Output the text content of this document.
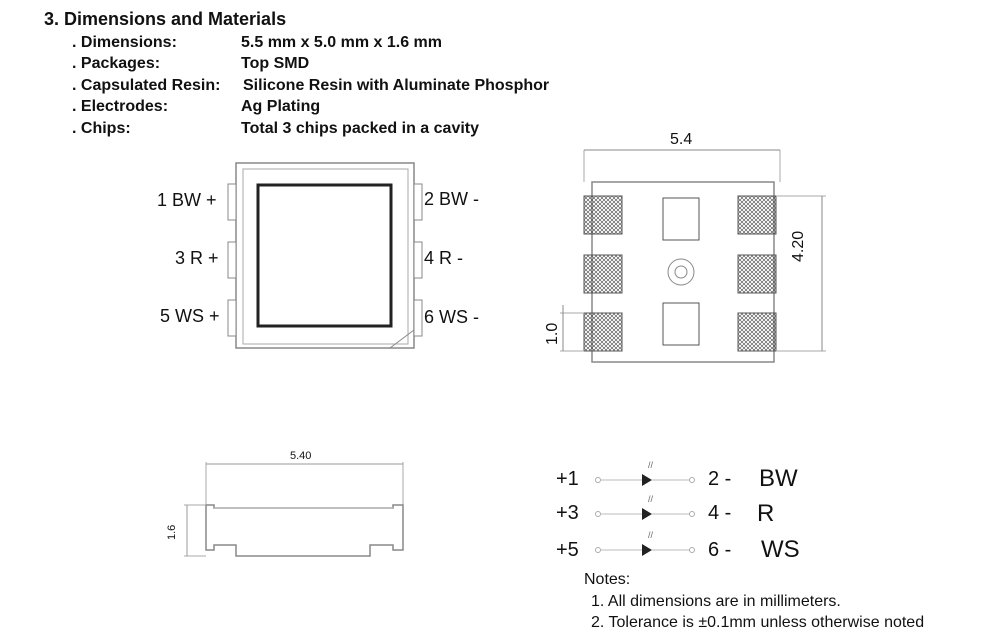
3. Dimensions and Materials
. Dimensions:	5.5 mm x 5.0 mm x 1.6 mm
. Packages:	Top SMD
. Capsulated Resin: Silicone Resin with Aluminate Phosphor
. Electrodes:	Ag Plating
. Chips:	Total 3 chips packed in a cavity
//
//
//
1 BW +
3 R +
5 WS +
2 BW -
4 R -
6 WS -
5.4
4.20
1.0
5.40
1.6
+1	2 - BW
+3	4 - R
+5	6 - WS
Notes:
1. All dimensions are in millimeters.
2. Tolerance is ±0.1mm unless otherwise noted
